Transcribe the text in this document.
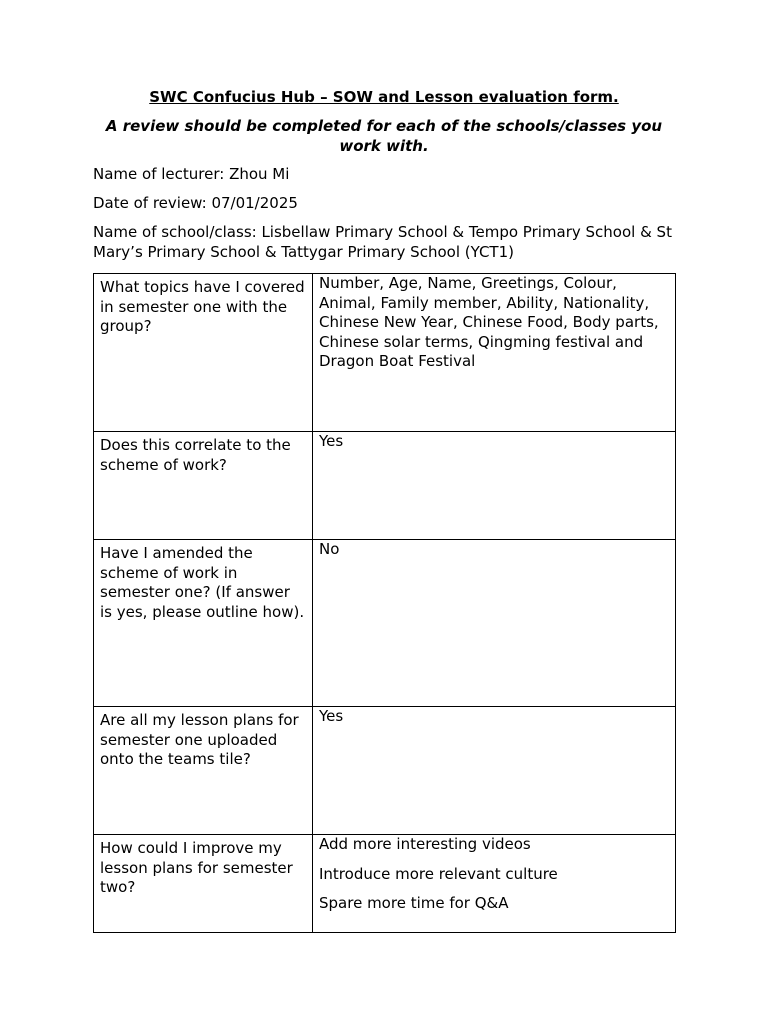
SWC Confucius Hub – SOW and Lesson evaluation form.
A review should be completed for each of the schools/classes you work with.
Name of lecturer: Zhou Mi
Date of review: 07/01/2025
Name of school/class: Lisbellaw Primary School & Tempo Primary School & St Mary’s Primary School & Tattygar Primary School (YCT1)
What topics have I covered in semester one with the group?	Number, Age, Name, Greetings, Colour, Animal, Family member, Ability, Nationality, Chinese New Year, Chinese Food, Body parts, Chinese solar terms, Qingming festival and Dragon Boat Festival

Does this correlate to the scheme of work?	Yes

Have I amended the scheme of work in semester one? (If answer is yes, please outline how).	No

Are all my lesson plans for semester one uploaded onto the teams tile?	Yes

How could I improve my lesson plans for semester two?	Add more interesting videos

Introduce more relevant culture

Spare more time for Q&A
